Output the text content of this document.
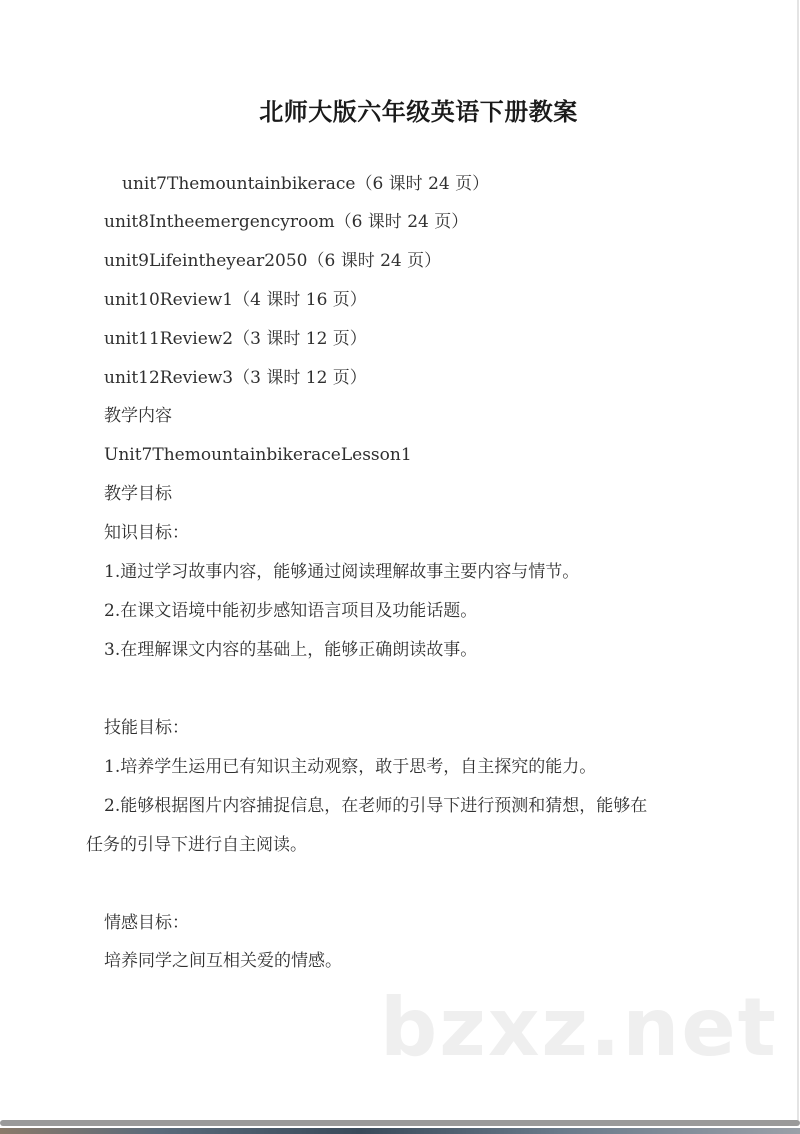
北师大版六年级英语下册教案
unit7Themountainbikerace（6 课时 24 页）
unit8Intheemergencyroom（6 课时 24 页）
unit9Lifeintheyear2050（6 课时 24 页）
unit10Review1（4 课时 16 页）
unit11Review2（3 课时 12 页）
unit12Review3（3 课时 12 页）
教学内容
Unit7ThemountainbikeraceLesson1
教学目标
知识目标：
1.通过学习故事内容，能够通过阅读理解故事主要内容与情节。
2.在课文语境中能初步感知语言项目及功能话题。
3.在理解课文内容的基础上，能够正确朗读故事。
技能目标：
1.培养学生运用已有知识主动观察，敢于思考，自主探究的能力。
2.能够根据图片内容捕捉信息，在老师的引导下进行预测和猜想，能够在
任务的引导下进行自主阅读。
情感目标：
培养同学之间互相关爱的情感。
bzxz.net
